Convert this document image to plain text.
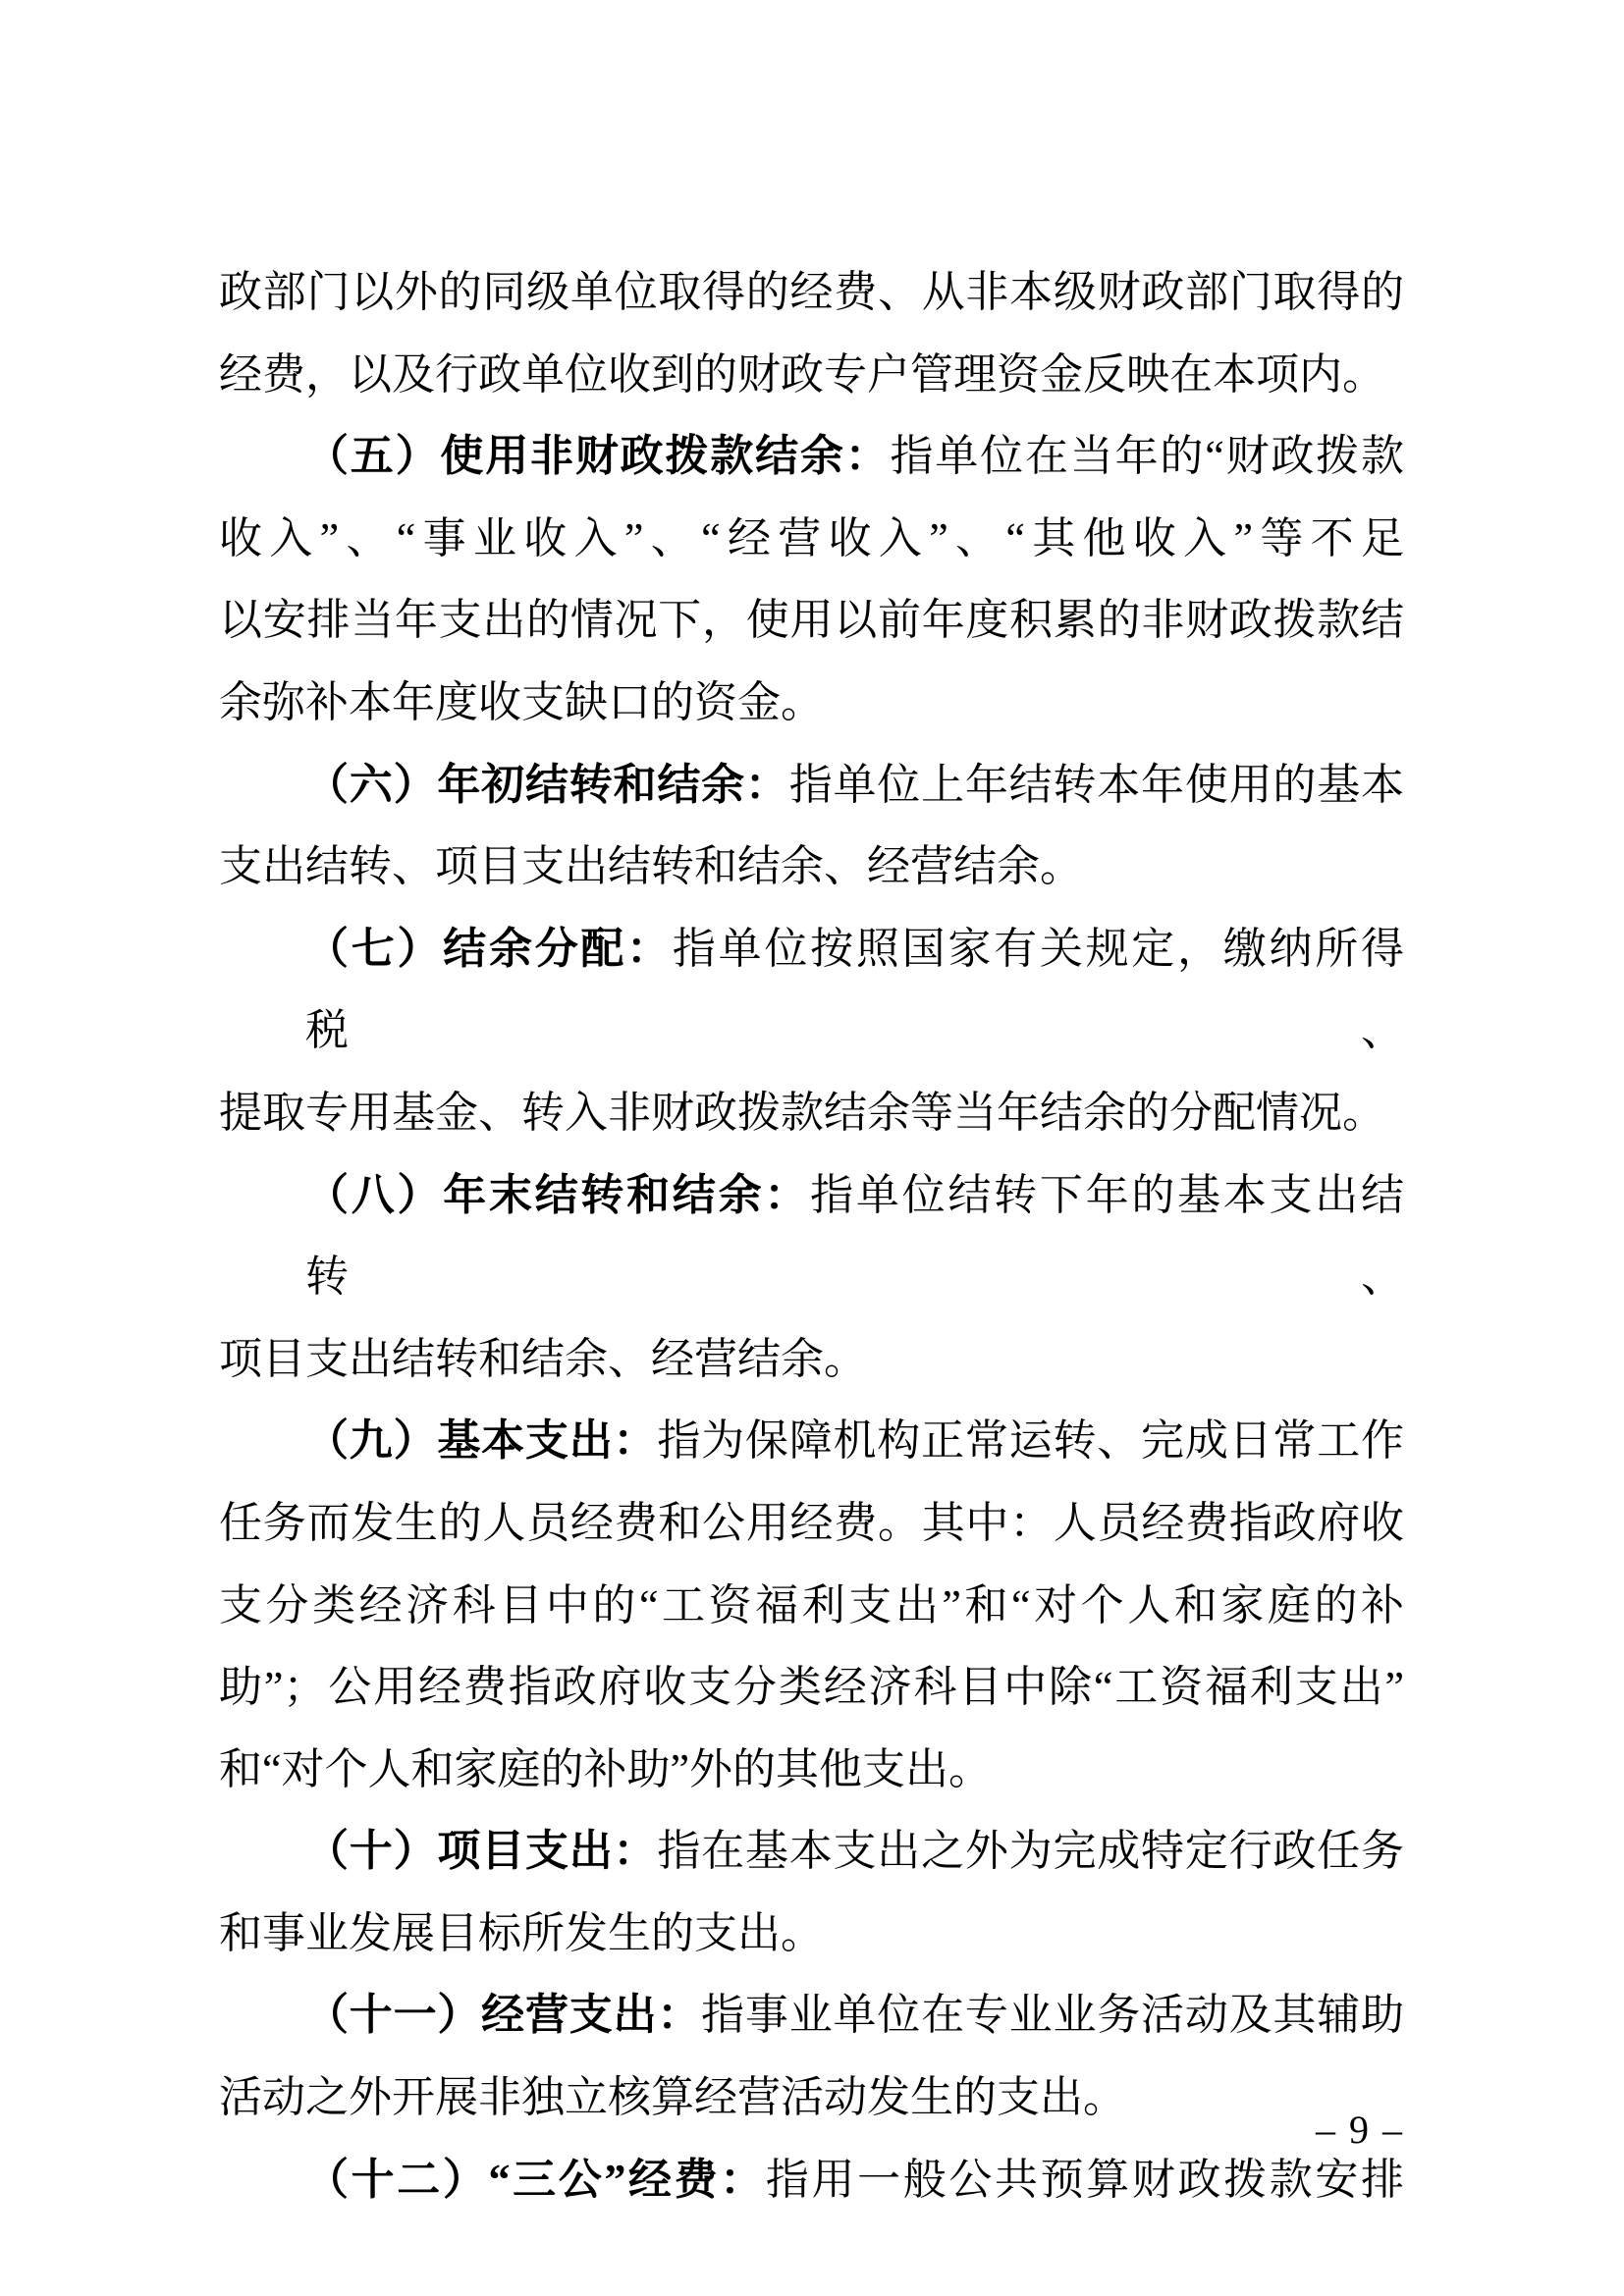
政部门以外的同级单位取得的经费、从非本级财政部门取得的

经费，以及行政单位收到的财政专户管理资金反映在本项内。

（五）使用非财政拨款结余：指单位在当年的“财政拨款

收入”、“事业收入”、“经营收入”、“其他收入”等不足

以安排当年支出的情况下，使用以前年度积累的非财政拨款结

余弥补本年度收支缺口的资金。

（六）年初结转和结余：指单位上年结转本年使用的基本

支出结转、项目支出结转和结余、经营结余。

（七）结余分配：指单位按照国家有关规定，缴纳所得税、

提取专用基金、转入非财政拨款结余等当年结余的分配情况。

（八）年末结转和结余：指单位结转下年的基本支出结转、

项目支出结转和结余、经营结余。

（九）基本支出：指为保障机构正常运转、完成日常工作

任务而发生的人员经费和公用经费。其中：人员经费指政府收

支分类经济科目中的“工资福利支出”和“对个人和家庭的补

助”；公用经费指政府收支分类经济科目中除“工资福利支出”

和“对个人和家庭的补助”外的其他支出。

（十）项目支出：指在基本支出之外为完成特定行政任务

和事业发展目标所发生的支出。

（十一）经营支出：指事业单位在专业业务活动及其辅助

活动之外开展非独立核算经营活动发生的支出。

（十二）“三公”经费：指用一般公共预算财政拨款安排

– 9 –
